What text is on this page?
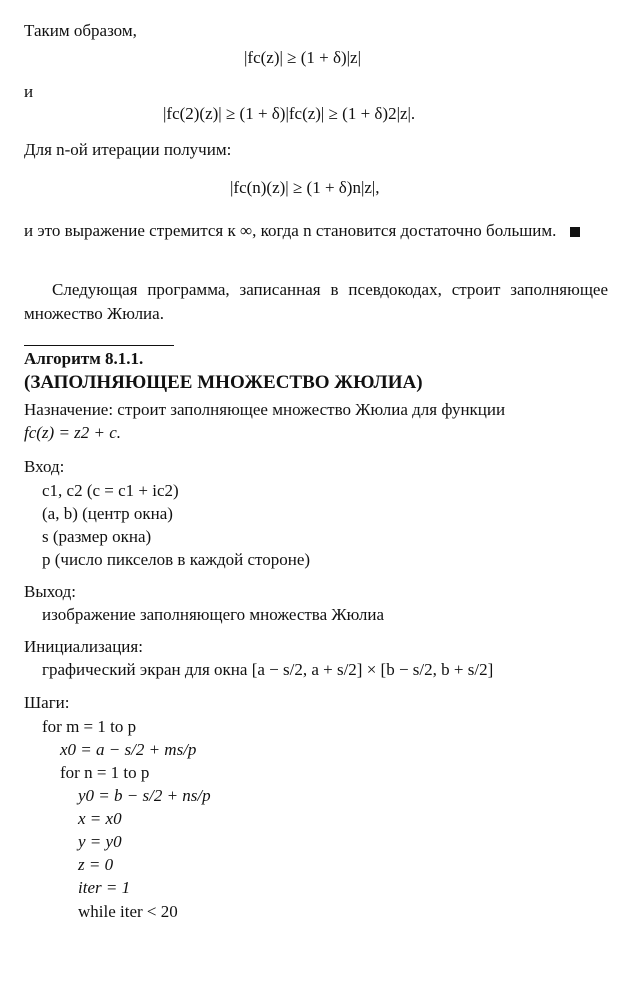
Таким образом,
|fc(z)| ≥ (1 + δ)|z|
и
|fc(2)(z)| ≥ (1 + δ)|fc(z)| ≥ (1 + δ)2|z|.
Для n-ой итерации получим:
|fc(n)(z)| ≥ (1 + δ)n|z|,
и это выражение стремится к ∞, когда n становится достаточно большим.
Следующая программа, записанная в псевдокодах, строит заполняющее множество Жюлиа.
Алгоритм 8.1.1.
(ЗАПОЛНЯЮЩЕЕ МНОЖЕСТВО ЖЮЛИА)
Назначение: строит заполняющее множество Жюлиа для функции
fc(z) = z2 + c.
Вход:
c1, c2 (c = c1 + ic2)
(a, b) (центр окна)
s (размер окна)
p (число пикселов в каждой стороне)
Выход:
изображение заполняющего множества Жюлиа
Инициализация:
графический экран для окна [a − s/2, a + s/2] × [b − s/2, b + s/2]
Шаги:
for m = 1 to p
x0 = a − s/2 + ms/p
for n = 1 to p
y0 = b − s/2 + ns/p
x = x0
y = y0
z = 0
iter = 1
while iter < 20
